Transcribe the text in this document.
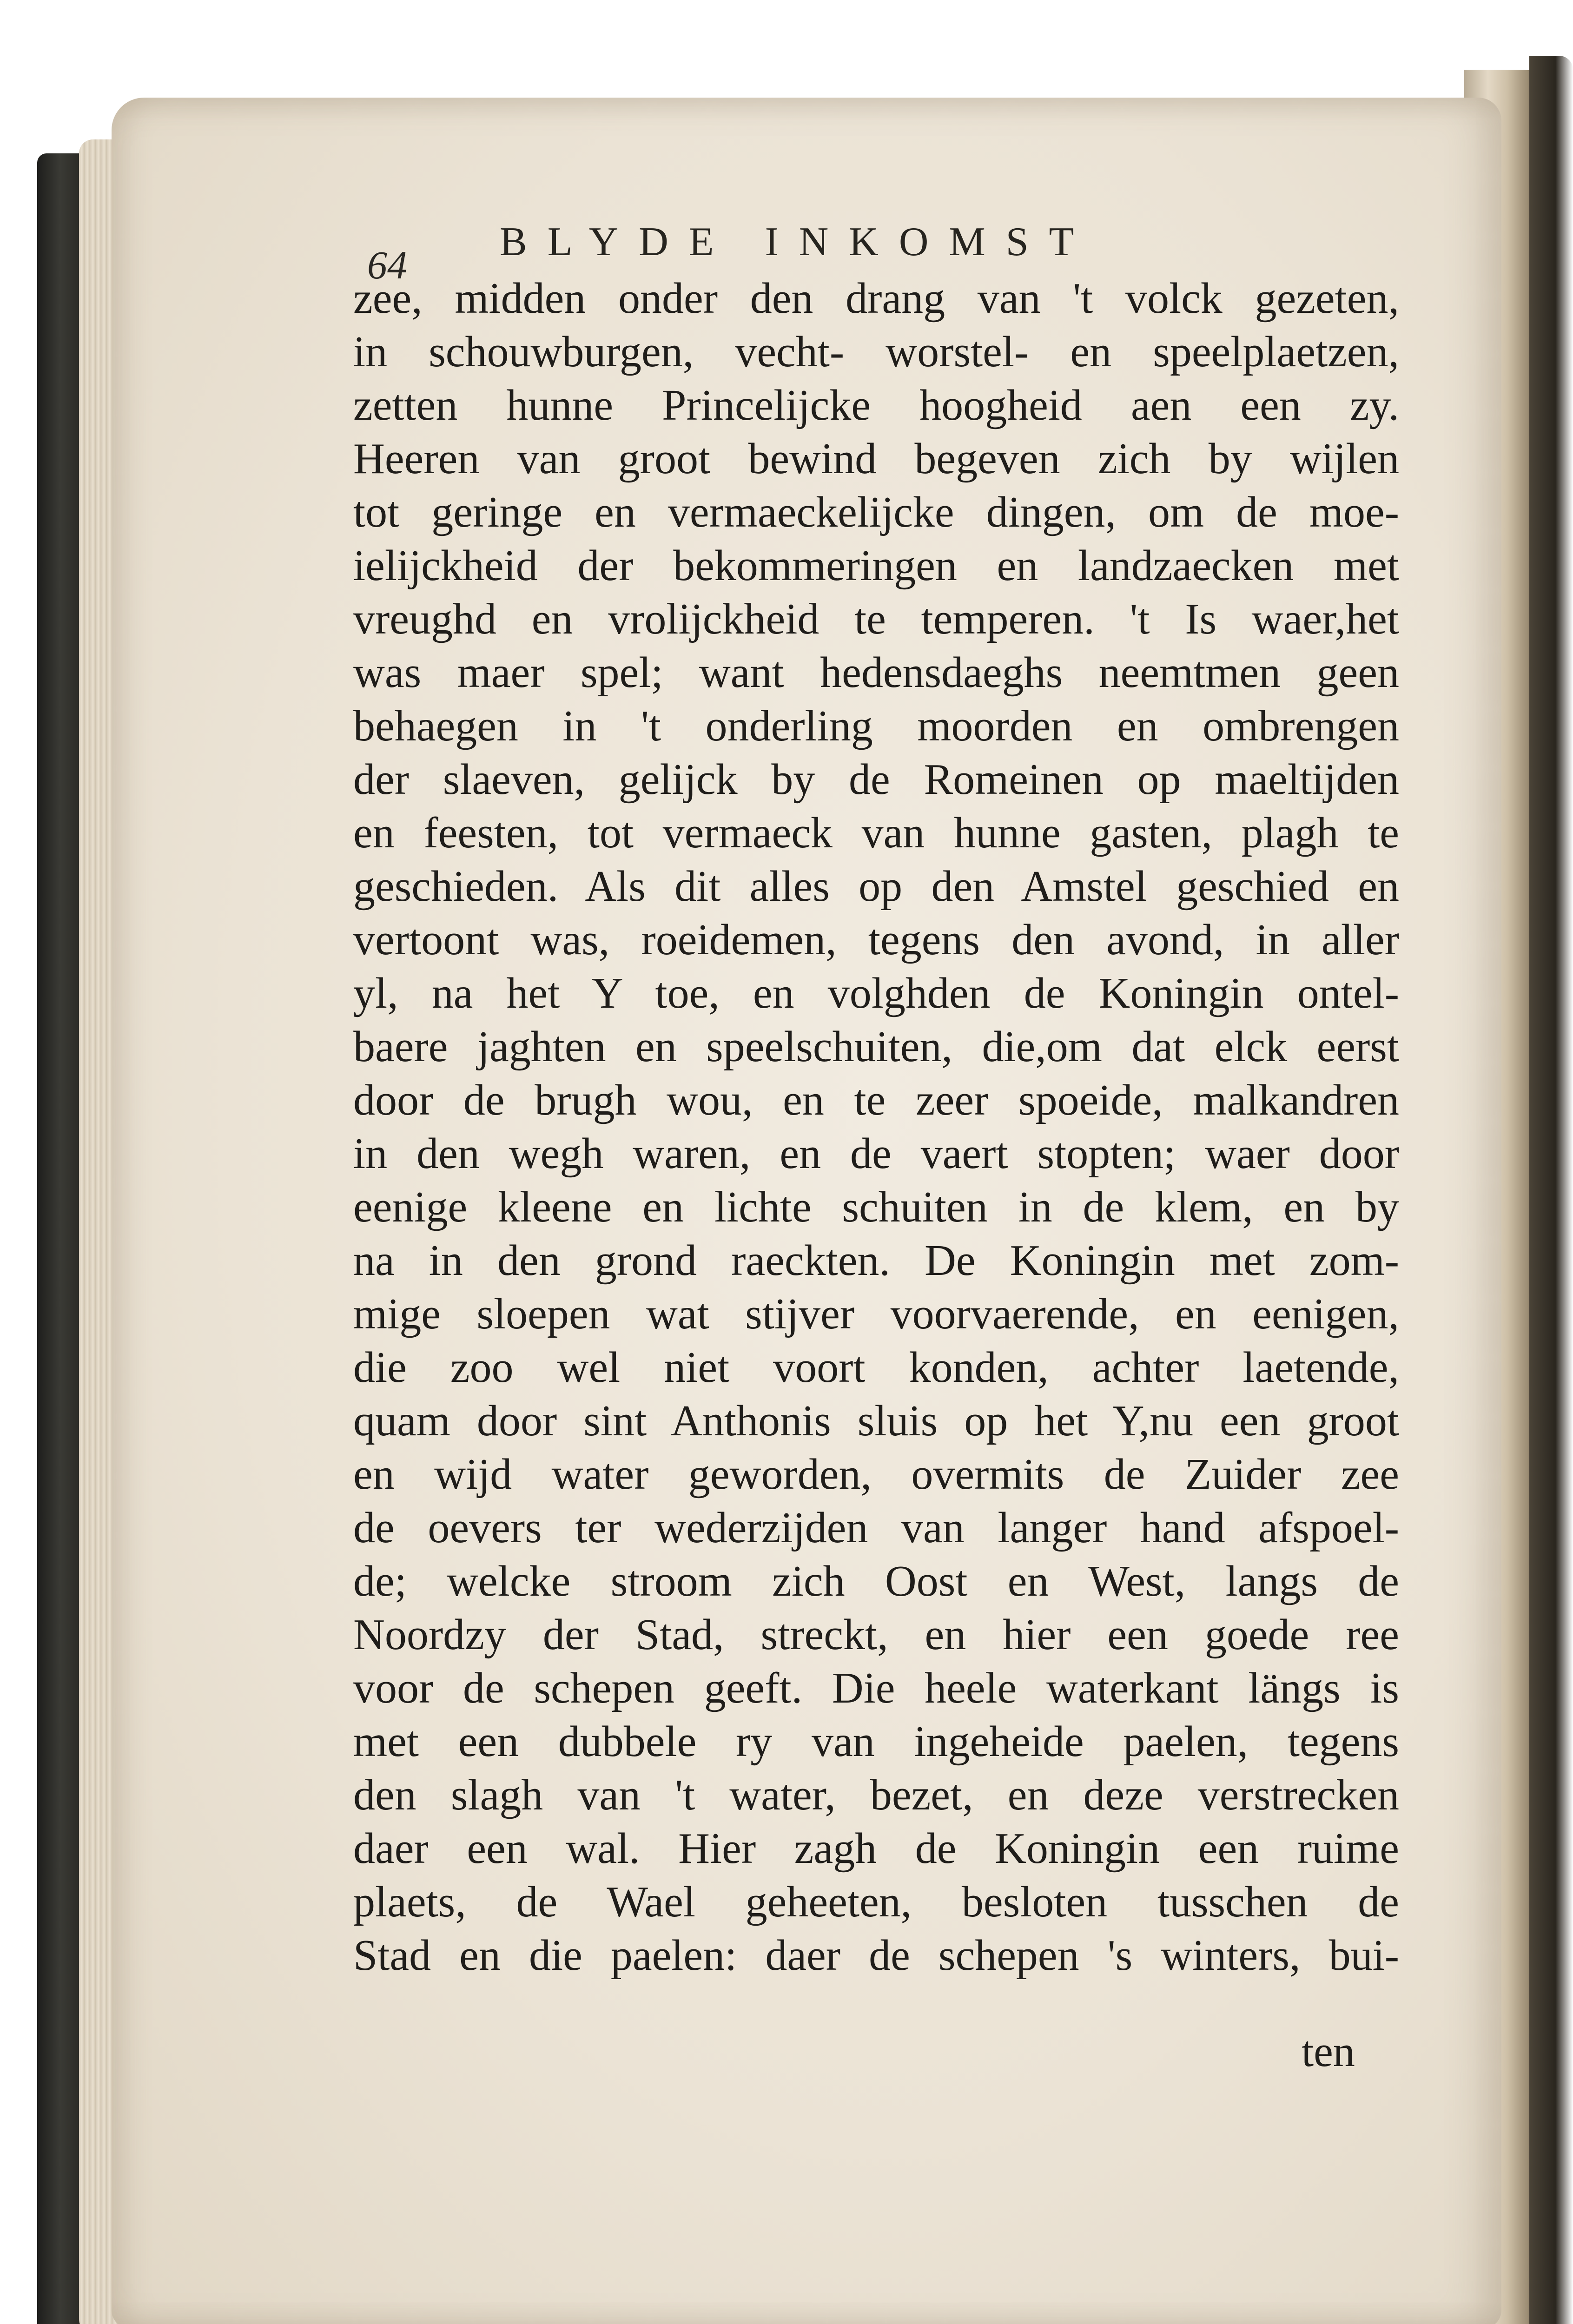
64
BLYDE INKOMST
zee, midden onder den drang van 't volck gezeten,
in schouwburgen, vecht- worstel- en speelplaetzen,
zetten hunne Princelijcke hoogheid aen een zy.
Heeren van groot bewind begeven zich by wijlen
tot geringe en vermaeckelijcke dingen, om de moe-
ielijckheid der bekommeringen en landzaecken met
vreughd en vrolijckheid te temperen. 't Is waer,het
was maer spel; want hedensdaeghs neemtmen geen
behaegen in 't onderling moorden en ombrengen
der slaeven, gelijck by de Romeinen op maeltijden
en feesten, tot vermaeck van hunne gasten, plagh te
geschieden. Als dit alles op den Amstel geschied en
vertoont was, roeidemen, tegens den avond, in aller
yl, na het Y toe, en volghden de Koningin ontel-
baere jaghten en speelschuiten, die,om dat elck eerst
door de brugh wou, en te zeer spoeide, malkandren
in den wegh waren, en de vaert stopten; waer door
eenige kleene en lichte schuiten in de klem, en by
na in den grond raeckten. De Koningin met zom-
mige sloepen wat stijver voorvaerende, en eenigen,
die zoo wel niet voort konden, achter laetende,
quam door sint Anthonis sluis op het Y,nu een groot
en wijd water geworden, overmits de Zuider zee
de oevers ter wederzijden van langer hand afspoel-
de; welcke stroom zich Oost en West, langs de
Noordzy der Stad, streckt, en hier een goede ree
voor de schepen geeft. Die heele waterkant längs is
met een dubbele ry van ingeheide paelen, tegens
den slagh van 't water, bezet, en deze verstrecken
daer een wal. Hier zagh de Koningin een ruime
plaets, de Wael geheeten, besloten tusschen de
Stad en die paelen: daer de schepen 's winters, bui-
ten
